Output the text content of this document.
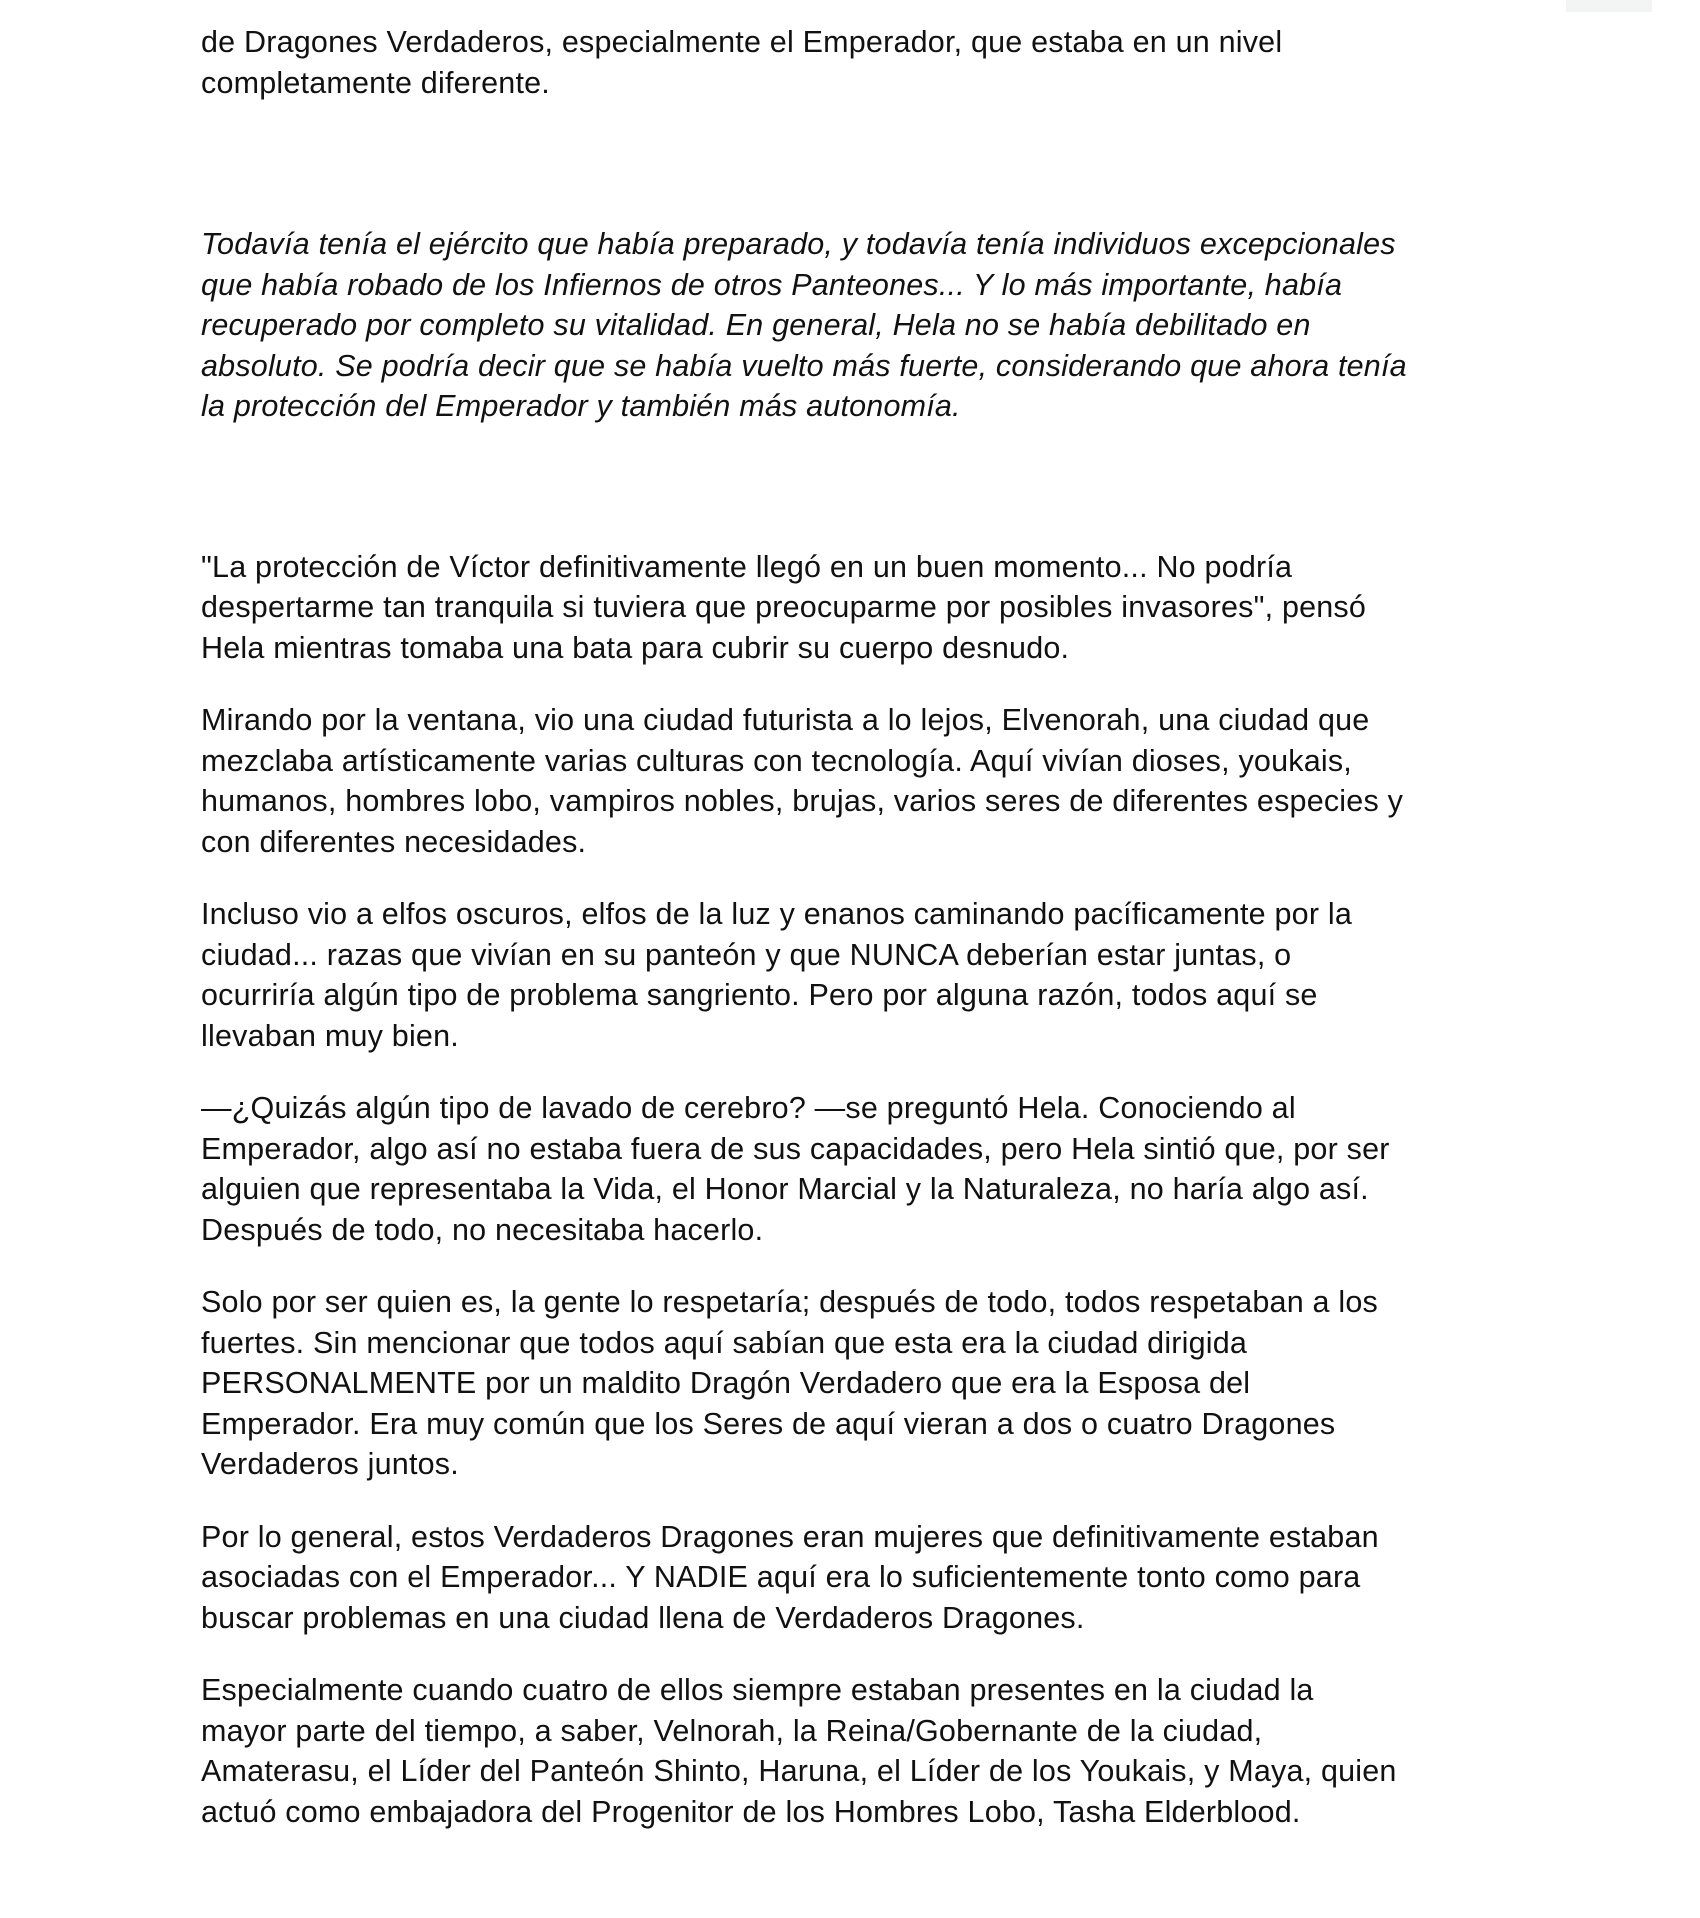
de Dragones Verdaderos, especialmente el Emperador, que estaba en un nivel
completamente diferente.

Todavía tenía el ejército que había preparado, y todavía tenía individuos excepcionales
que había robado de los Infiernos de otros Panteones... Y lo más importante, había
recuperado por completo su vitalidad. En general, Hela no se había debilitado en
absoluto. Se podría decir que se había vuelto más fuerte, considerando que ahora tenía
la protección del Emperador y también más autonomía.

"La protección de Víctor definitivamente llegó en un buen momento... No podría
despertarme tan tranquila si tuviera que preocuparme por posibles invasores", pensó
Hela mientras tomaba una bata para cubrir su cuerpo desnudo.

Mirando por la ventana, vio una ciudad futurista a lo lejos, Elvenorah, una ciudad que
mezclaba artísticamente varias culturas con tecnología. Aquí vivían dioses, youkais,
humanos, hombres lobo, vampiros nobles, brujas, varios seres de diferentes especies y
con diferentes necesidades.

Incluso vio a elfos oscuros, elfos de la luz y enanos caminando pacíficamente por la
ciudad... razas que vivían en su panteón y que NUNCA deberían estar juntas, o
ocurriría algún tipo de problema sangriento. Pero por alguna razón, todos aquí se
llevaban muy bien.

—¿Quizás algún tipo de lavado de cerebro? —se preguntó Hela. Conociendo al
Emperador, algo así no estaba fuera de sus capacidades, pero Hela sintió que, por ser
alguien que representaba la Vida, el Honor Marcial y la Naturaleza, no haría algo así.
Después de todo, no necesitaba hacerlo.

Solo por ser quien es, la gente lo respetaría; después de todo, todos respetaban a los
fuertes. Sin mencionar que todos aquí sabían que esta era la ciudad dirigida
PERSONALMENTE por un maldito Dragón Verdadero que era la Esposa del
Emperador. Era muy común que los Seres de aquí vieran a dos o cuatro Dragones
Verdaderos juntos.

Por lo general, estos Verdaderos Dragones eran mujeres que definitivamente estaban
asociadas con el Emperador... Y NADIE aquí era lo suficientemente tonto como para
buscar problemas en una ciudad llena de Verdaderos Dragones.

Especialmente cuando cuatro de ellos siempre estaban presentes en la ciudad la
mayor parte del tiempo, a saber, Velnorah, la Reina/Gobernante de la ciudad,
Amaterasu, el Líder del Panteón Shinto, Haruna, el Líder de los Youkais, y Maya, quien
actuó como embajadora del Progenitor de los Hombres Lobo, Tasha Elderblood.
